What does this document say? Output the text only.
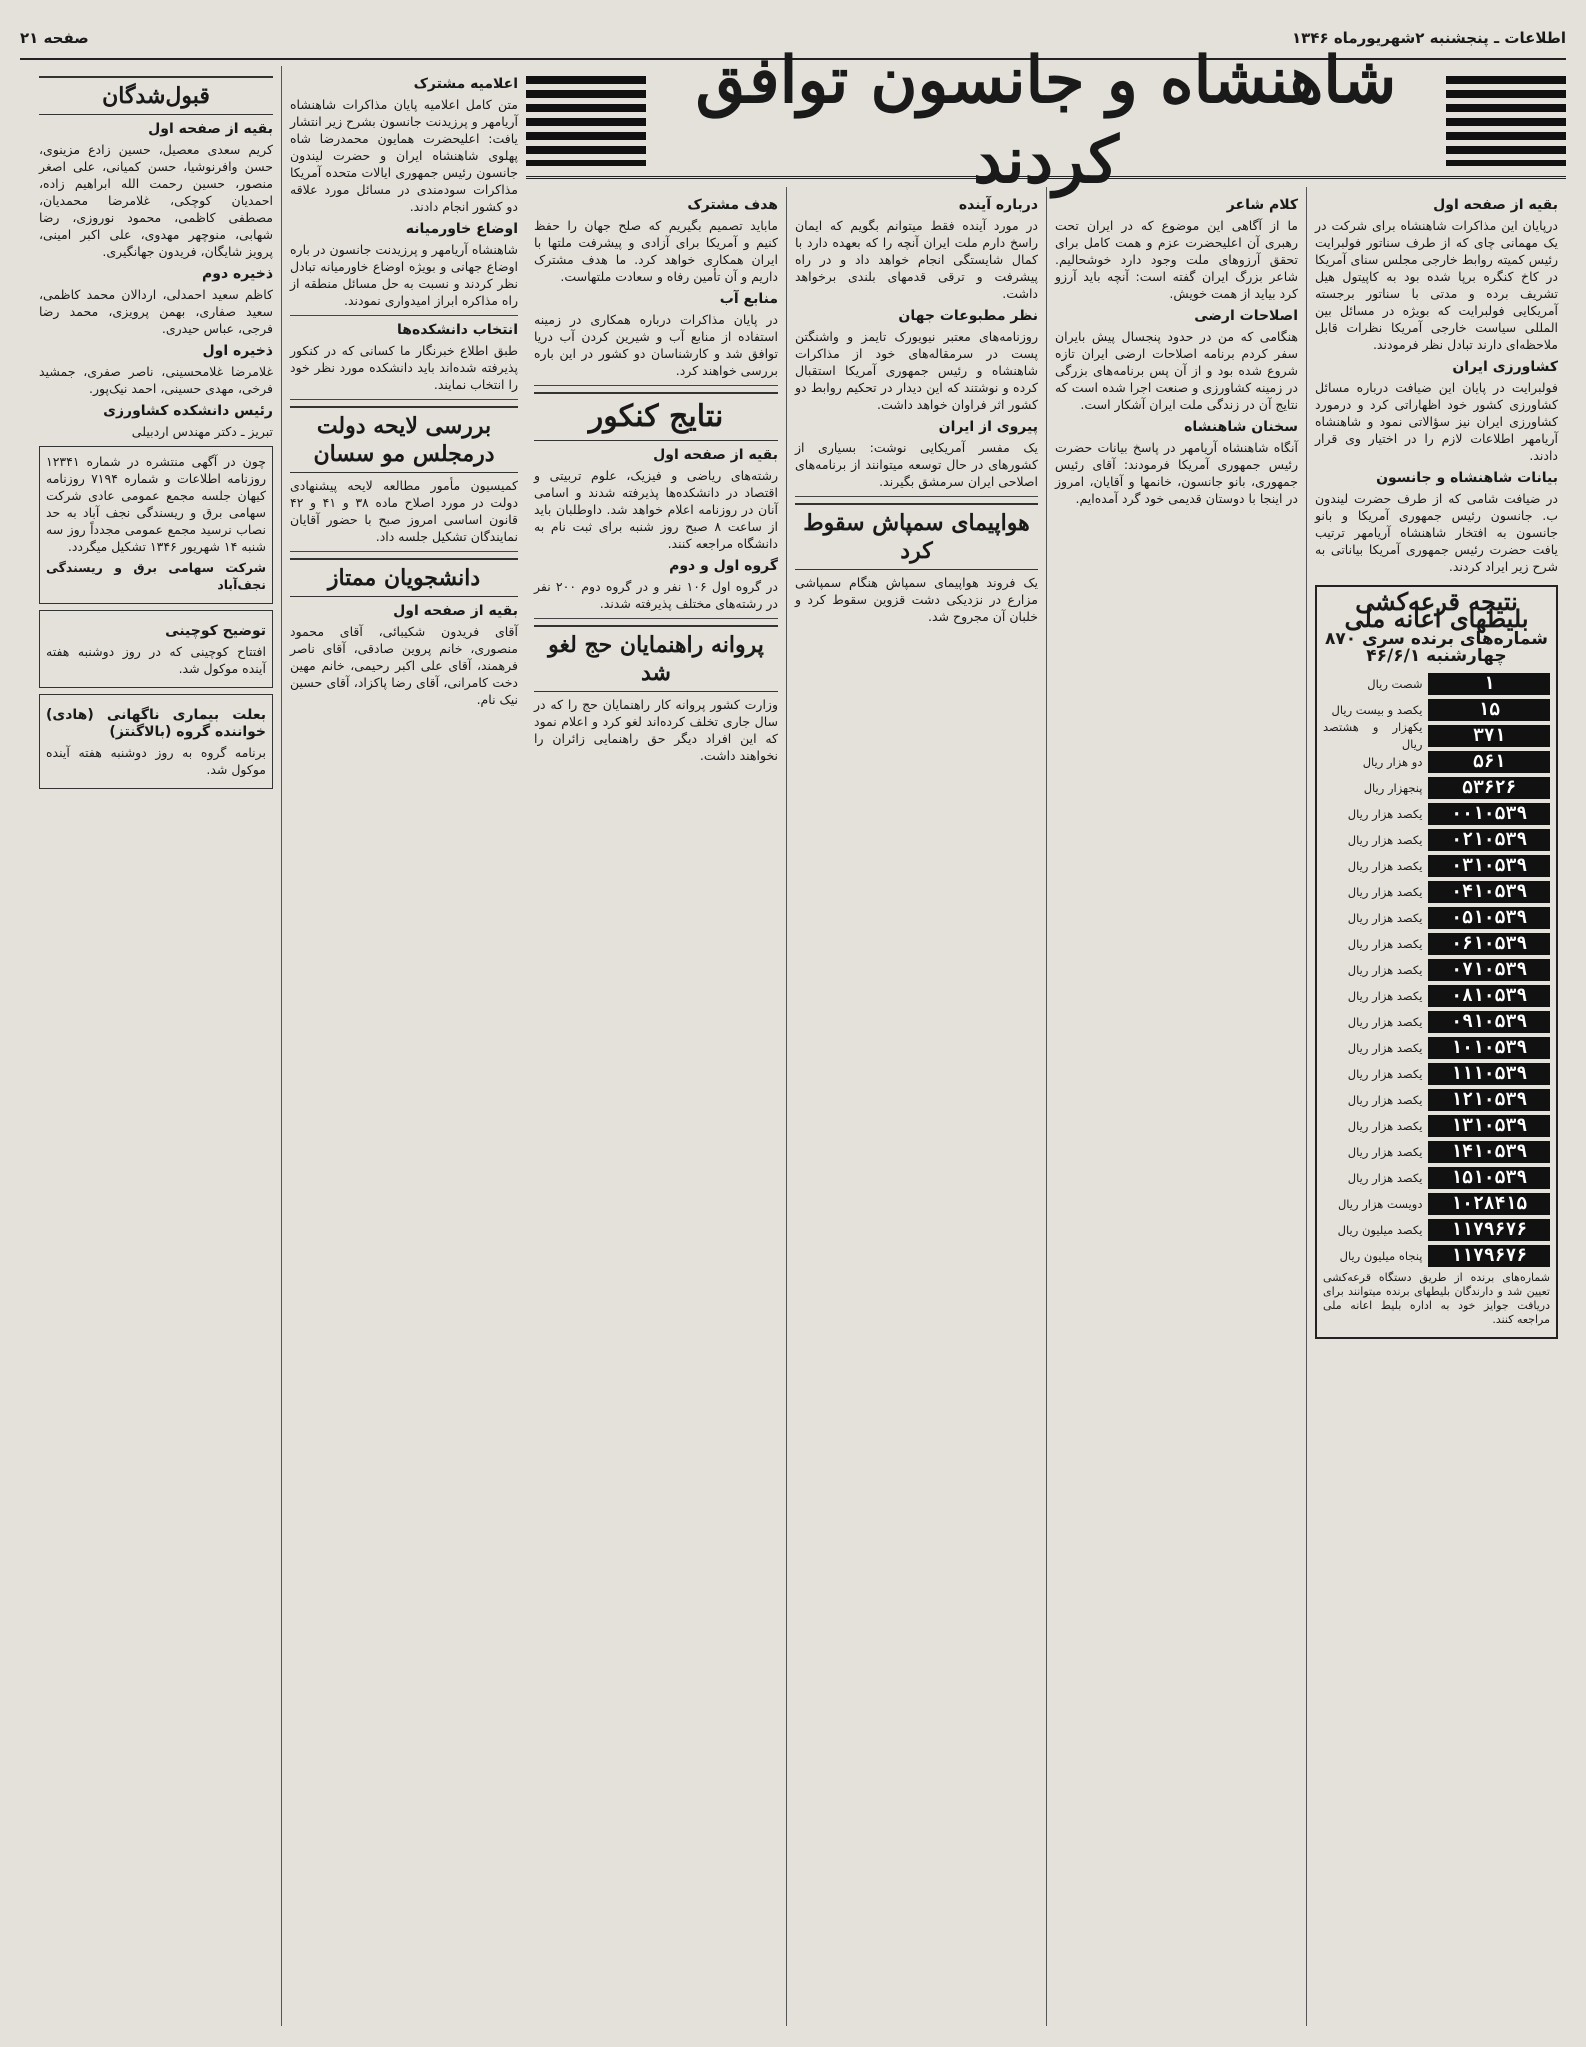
اطلاعات ـ پنجشنبه ۲شهریورماه ۱۳۴۶
صفحه ۲۱
شاهنشاه و جانسون توافق کردند
بقیه از صفحه اول

درپایان این مذاکرات شاهنشاه برای شرکت در یک مهمانی چای که از طرف سناتور فولبرایت رئیس کمیته روابط خارجی مجلس سنای آمریکا در کاخ کنگره برپا شده بود به کاپیتول هیل تشریف برده و مدتی با سناتور برجسته آمریکایی فولبرایت که بویژه در مسائل بین المللی سیاست خارجی آمریکا نظرات قابل ملاحظه‌ای دارند تبادل نظر فرمودند.

کشاورزی ایران

فولبرایت در پایان این ضیافت درباره مسائل کشاورزی کشور خود اظهاراتی کرد و درمورد کشاورزی ایران نیز سؤالاتی نمود و شاهنشاه آریامهر اطلاعات لازم را در اختیار وی قرار دادند.

بیانات شاهنشاه و جانسون

در ضیافت شامی که از طرف حضرت لیندون ب. جانسون رئیس جمهوری آمریکا و بانو جانسون به افتخار شاهنشاه آریامهر ترتیب یافت حضرت رئیس جمهوری آمریکا بیاناتی به شرح زیر ایراد کردند.

نتیجه قرعه‌کشی بلیطهای اعانه ملی
شماره‌های برنده سری ۸۷۰ چهارشنبه ۴۶/۶/۱
۱
شصت ریال
۱۵
یکصد و بیست ریال
۳۷۱
یکهزار و هشتصد ریال
۵۶۱
دو هزار ریال
۵۳۶۲۶
پنجهزار ریال
۰۰۱۰۵۳۹
یکصد هزار ریال
۰۲۱۰۵۳۹
یکصد هزار ریال
۰۳۱۰۵۳۹
یکصد هزار ریال
۰۴۱۰۵۳۹
یکصد هزار ریال
۰۵۱۰۵۳۹
یکصد هزار ریال
۰۶۱۰۵۳۹
یکصد هزار ریال
۰۷۱۰۵۳۹
یکصد هزار ریال
۰۸۱۰۵۳۹
یکصد هزار ریال
۰۹۱۰۵۳۹
یکصد هزار ریال
۱۰۱۰۵۳۹
یکصد هزار ریال
۱۱۱۰۵۳۹
یکصد هزار ریال
۱۲۱۰۵۳۹
یکصد هزار ریال
۱۳۱۰۵۳۹
یکصد هزار ریال
۱۴۱۰۵۳۹
یکصد هزار ریال
۱۵۱۰۵۳۹
یکصد هزار ریال
۱۰۲۸۴۱۵
دویست هزار ریال
۱۱۷۹۶۷۶
یکصد میلیون ریال
۱۱۷۹۶۷۶
پنجاه میلیون ریال

شماره‌های برنده از طریق دستگاه قرعه‌کشی تعیین شد و دارندگان بلیطهای برنده میتوانند برای دریافت جوایز خود به اداره بلیط اعانه ملی مراجعه کنند.

کلام شاعر

ما از آگاهی این موضوع که در ایران تحت رهبری آن اعلیحضرت عزم و همت کامل برای تحقق آرزوهای ملت وجود دارد خوشحالیم. شاعر بزرگ ایران گفته است: آنچه باید آرزو کرد بیاید از همت خویش.

اصلاحات ارضی

هنگامی که من در حدود پنجسال پیش بایران سفر کردم برنامه اصلاحات ارضی ایران تازه شروع شده بود و از آن پس برنامه‌های بزرگی در زمینه کشاورزی و صنعت اجرا شده است که نتایج آن در زندگی ملت ایران آشکار است.

سخنان شاهنشاه

آنگاه شاهنشاه آریامهر در پاسخ بیانات حضرت رئیس جمهوری آمریکا فرمودند: آقای رئیس جمهوری، بانو جانسون، خانمها و آقایان، امروز در اینجا با دوستان قدیمی خود گرد آمده‌ایم.

درباره آینده

در مورد آینده فقط میتوانم بگویم که ایمان راسخ دارم ملت ایران آنچه را که بعهده دارد با کمال شایستگی انجام خواهد داد و در راه پیشرفت و ترقی قدمهای بلندی برخواهد داشت.

نظر مطبوعات جهان

روزنامه‌های معتبر نیویورک تایمز و واشنگتن پست در سرمقاله‌های خود از مذاکرات شاهنشاه و رئیس جمهوری آمریکا استقبال کرده و نوشتند که این دیدار در تحکیم روابط دو کشور اثر فراوان خواهد داشت.

پیروی از ایران

یک مفسر آمریکایی نوشت: بسیاری از کشورهای در حال توسعه میتوانند از برنامه‌های اصلاحی ایران سرمشق بگیرند.

هواپیمای سمپاش سقوط کرد

یک فروند هواپیمای سمپاش هنگام سمپاشی مزارع در نزدیکی دشت قزوین سقوط کرد و خلبان آن مجروح شد.

هدف مشترک

ماباید تصمیم بگیریم که صلح جهان را حفظ کنیم و آمریکا برای آزادی و پیشرفت ملتها با ایران همکاری خواهد کرد. ما هدف مشترک داریم و آن تأمین رفاه و سعادت ملتهاست.

منابع آب

در پایان مذاکرات درباره همکاری در زمینه استفاده از منابع آب و شیرین کردن آب دریا توافق شد و کارشناسان دو کشور در این باره بررسی خواهند کرد.

نتایج کنکور
بقیه از صفحه اول

رشته‌های ریاضی و فیزیک، علوم تربیتی و اقتصاد در دانشکده‌ها پذیرفته شدند و اسامی آنان در روزنامه اعلام خواهد شد. داوطلبان باید از ساعت ۸ صبح روز شنبه برای ثبت نام به دانشگاه مراجعه کنند.

گروه اول و دوم

در گروه اول ۱۰۶ نفر و در گروه دوم ۲۰۰ نفر در رشته‌های مختلف پذیرفته شدند.

پروانه راهنمایان حج لغو شد

وزارت کشور پروانه کار راهنمایان حج را که در سال جاری تخلف کرده‌اند لغو کرد و اعلام نمود که این افراد دیگر حق راهنمایی زائران را نخواهند داشت.

اعلامیه مشترک

متن کامل اعلامیه پایان مذاکرات شاهنشاه آریامهر و پرزیدنت جانسون بشرح زیر انتشار یافت: اعلیحضرت همایون محمدرضا شاه پهلوی شاهنشاه ایران و حضرت لیندون جانسون رئیس جمهوری ایالات متحده آمریکا مذاکرات سودمندی در مسائل مورد علاقه دو کشور انجام دادند.

اوضاع خاورمیانه

شاهنشاه آریامهر و پرزیدنت جانسون در باره اوضاع جهانی و بویژه اوضاع خاورمیانه تبادل نظر کردند و نسبت به حل مسائل منطقه از راه مذاکره ابراز امیدواری نمودند.

انتخاب دانشکده‌ها

طبق اطلاع خبرنگار ما کسانی که در کنکور پذیرفته شده‌اند باید دانشکده مورد نظر خود را انتخاب نمایند.

بررسی لایحه دولت درمجلس مو سسان

کمیسیون مأمور مطالعه لایحه پیشنهادی دولت در مورد اصلاح ماده ۳۸ و ۴۱ و ۴۲ قانون اساسی امروز صبح با حضور آقایان نمایندگان تشکیل جلسه داد.

دانشجویان ممتاز
بقیه از صفحه اول

آقای فریدون شکیبائی، آقای محمود منصوری، خانم پروین صادقی، آقای ناصر فرهمند، آقای علی اکبر رحیمی، خانم مهین دخت کامرانی، آقای رضا پاکزاد، آقای حسین نیک نام.

قبول‌شدگان
بقیه از صفحه اول

کریم سعدی معصیل، حسین زادع مزینوی، حسن وافرنوشیا، حسن کمیانی، علی اصغر منصور، حسین رحمت الله ابراهیم زاده، احمدیان کوچکی، غلامرضا محمدیان، مصطفی کاظمی، محمود نوروزی، رضا شهابی، منوچهر مهدوی، علی اکبر امینی، پرویز شایگان، فریدون جهانگیری.

ذخیره دوم

کاظم سعید احمدلی، اردالان محمد کاظمی، سعید صفاری، بهمن پرویزی، محمد رضا فرجی، عباس حیدری.

ذخیره اول

غلامرضا غلامحسینی، ناصر صفری، جمشید فرخی، مهدی حسینی، احمد نیک‌پور.

رئیس دانشکده کشاورزی

تبریز ـ دکتر مهندس اردبیلی

چون در آگهی منتشره در شماره ۱۲۳۴۱ روزنامه اطلاعات و شماره ۷۱۹۴ روزنامه کیهان جلسه مجمع عمومی عادی شرکت سهامی برق و ریسندگی نجف آباد به حد نصاب نرسید مجمع عمومی مجدداً روز سه شنبه ۱۴ شهریور ۱۳۴۶ تشکیل میگردد.

شرکت سهامی برق و ریسندگی نجف‌آباد

توضیح کوچینی

افتتاح کوچینی که در روز دوشنبه هفته آینده موکول شد.

بعلت بیماری ناگهانی (هادی) خواننده گروه (بالاگنتز)

برنامه گروه به روز دوشنبه هفته آینده موکول شد.
